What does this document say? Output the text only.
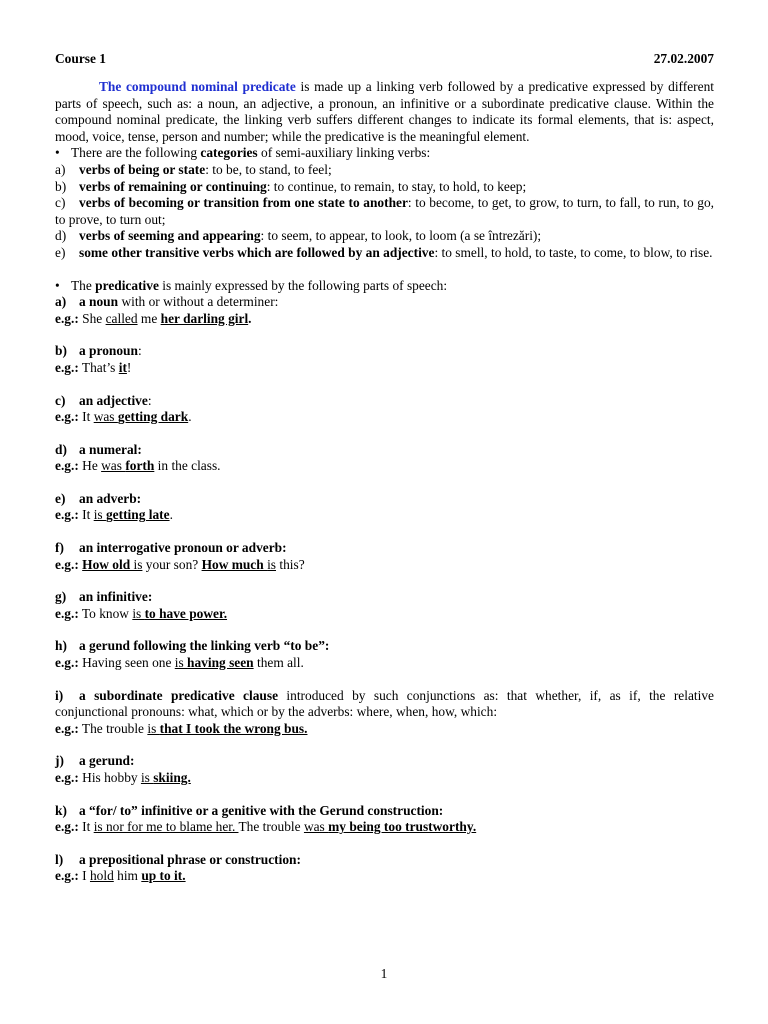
Course 1	27.02.2007

The compound nominal predicate is made up a linking verb followed by a predicative expressed by different parts of speech, such as: a noun, an adjective, a pronoun, an infinitive or a subordinate predicative clause. Within the compound nominal predicate, the linking verb suffers different changes to indicate its formal elements, that is: aspect, mood, voice, tense, person and number; while the predicative is the meaningful element.

• There are the following categories of semi-auxiliary linking verbs:
a)	verbs of being or state: to be, to stand, to feel;
b) verbs of remaining or continuing: to continue, to remain, to stay, to hold, to keep;
c) verbs of becoming or transition from one state to another: to become, to get, to grow, to turn, to fall, to run, to go, to prove, to turn out;
d) verbs of seeming and appearing: to seem, to appear, to look, to loom (a se întrezări);
e) some other transitive verbs which are followed by an adjective: to smell, to hold, to taste, to come, to blow, to rise.
• The predicative is mainly expressed by the following parts of speech:
a) a noun with or without a determiner:
e.g.: She called me her darling girl.
b) a pronoun:
e.g.: That’s it!
c) an adjective:
e.g.: It was getting dark.
d) a numeral:
e.g.: He was forth in the class.
e) an adverb:
e.g.: It is getting late.
f) an interrogative pronoun or adverb:
e.g.: How old is your son? How much is this?
g) an infinitive:
e.g.: To know is to have power.
h) a gerund following the linking verb “to be”:
e.g.: Having seen one is having seen them all.
i) a subordinate predicative clause introduced by such conjunctions as: that whether, if, as if, the relative conjunctional pronouns: what, which or by the adverbs: where, when, how, which:
e.g.: The trouble is that I took the wrong bus.
j) a gerund:
e.g.: His hobby is skiing.
k) a “for/ to” infinitive or a genitive with the Gerund construction:
e.g.: It is nor for me to blame her. The trouble was my being too trustworthy.
l) a prepositional phrase or construction:
e.g.: I hold him up to it.
1
